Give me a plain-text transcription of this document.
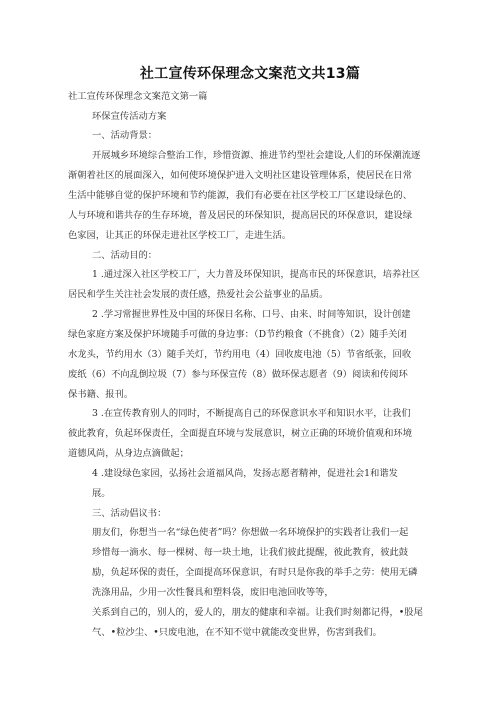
社工宣传环保理念文案范文共13篇
社工宣传环保理念文案范文第一篇
环保宣传活动方案
一、活动背景：
开展城乡环境综合整治工作，珍惜资源、推进节约型社会建设,人们的环保潮流逐
渐朝着社区的展面深入，如何使环境保护进入文明社区建设管理体系，使居民在日常
生活中能够自觉的保护环境和节约能源，我们有必要在社区学校工厂区建设绿色的、
人与环境和谐共存的生存环境，普及居民的环保知识，提高居民的环保意识，建设绿
色家园，让其正的环保走进社区学校工厂，走进生活。
二、活动目的：
1 .通过深入社区学校工厂，大力普及环保知识，提高市民的环保意识，培养社区
居民和学生关注社会发展的责任感，热爱社会公益事业的品质。
2 .学习常握世界性及中国的环保日名称、口号、由来、时间等知识，设计创建
绿色家庭方案及保护环境随手可做的身边事：（D节约粮食（不挑食）（2）随手关闭
水龙头，节约用水（3）随手关灯，节约用电（4）回收废电池（5）节省纸张，回收
废纸（6）不向乱倒垃圾（7）参与环保宣传（8）做环保志愿者（9）阅读和传阅环
保书籍、报刊。
3 .在宣传教育别人的同时，不断提高自己的环保意识水平和知识水平，让我们
彼此教育，负起环保责任，全面提直环境与发展意识，树立正确的环境价值观和环境
道德风尚，从身边点滴做起；
4 .建设绿色家园，弘扬社会道福风尚，发扬志愿者精神，促进社会1和谐发
展。
三、活动倡议书：
朋友们，你想当一名“绿色使者”吗？你想做一名环境保护的实践者让我们一起
珍惜每一滴水、每一棵树、每一块土地，让我们彼此提醒，彼此教育，彼此鼓
励，负起环保的责任，全面提高环保意识，有时只是你我的举手之劳：使用无磷
洗涤用品，少用一次性餐具和塑料袋，废旧电池回收等等，
关系到自己的，别人的，爱人的，朋友的健康和幸福。让我们时刻都记得，•股尾
气、•粒沙尘、•只废电池，在不知不觉中就能改变世界，伤害到我们。
